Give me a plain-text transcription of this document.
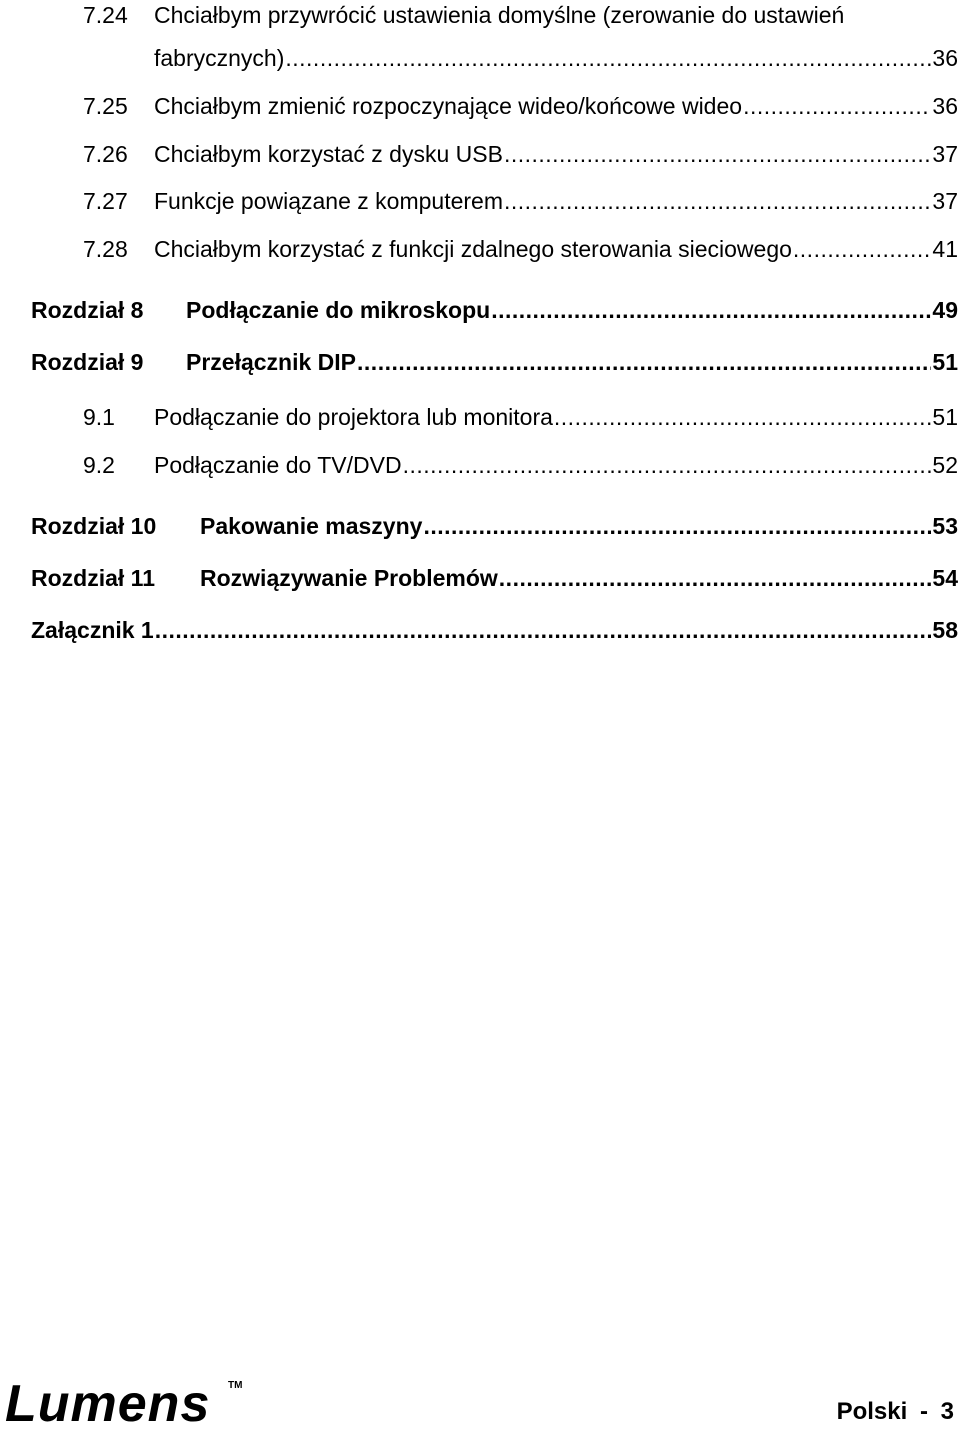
7.24 Chciałbym przywrócić ustawienia domyślne (zerowanie do ustawień
fabrycznych) .....	36
7.25 Chciałbym zmienić rozpoczynające wideo/końcowe wideo .....	36
7.26 Chciałbym korzystać z dysku USB .....	37
7.27 Funkcje powiązane z komputerem .....	37
7.28 Chciałbym korzystać z funkcji zdalnego sterowania sieciowego .....	41
Rozdział 8 Podłączanie do mikroskopu .....	49
Rozdział 9 Przełącznik DIP .....	51
9.1 Podłączanie do projektora lub monitora .....	51
9.2 Podłączanie do TV/DVD .....	52
Rozdział 10 Pakowanie maszyny .....	53
Rozdział 11 Rozwiązywanie Problemów .....	54
Załącznik 1 .....	58
Lumens TM
Polski - 3
